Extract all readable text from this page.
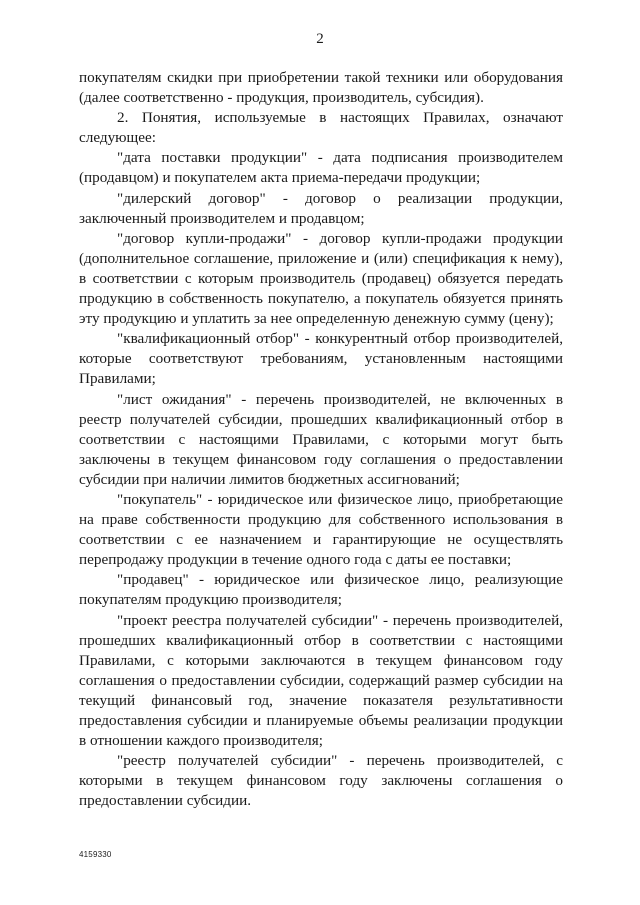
2

покупателям скидки при приобретении такой техники или оборудования (далее соответственно - продукция, производитель, субсидия).

2. Понятия, используемые в настоящих Правилах, означают следующее:

"дата поставки продукции" - дата подписания производителем (продавцом) и покупателем акта приема-передачи продукции;

"дилерский договор" - договор о реализации продукции, заключенный производителем и продавцом;

"договор купли-продажи" - договор купли-продажи продукции (дополнительное соглашение, приложение и (или) спецификация к нему), в соответствии с которым производитель (продавец) обязуется передать продукцию в собственность покупателю, а покупатель обязуется принять эту продукцию и уплатить за нее определенную денежную сумму (цену);

"квалификационный отбор" - конкурентный отбор производителей, которые соответствуют требованиям, установленным настоящими Правилами;

"лист ожидания" - перечень производителей, не включенных в реестр получателей субсидии, прошедших квалификационный отбор в соответствии с настоящими Правилами, с которыми могут быть заключены в текущем финансовом году соглашения о предоставлении субсидии при наличии лимитов бюджетных ассигнований;

"покупатель" - юридическое или физическое лицо, приобретающие на праве собственности продукцию для собственного использования в соответствии с ее назначением и гарантирующие не осуществлять перепродажу продукции в течение одного года с даты ее поставки;

"продавец" - юридическое или физическое лицо, реализующие покупателям продукцию производителя;

"проект реестра получателей субсидии" - перечень производителей, прошедших квалификационный отбор в соответствии с настоящими Правилами, с которыми заключаются в текущем финансовом году соглашения о предоставлении субсидии, содержащий размер субсидии на текущий финансовый год, значение показателя результативности предоставления субсидии и планируемые объемы реализации продукции в отношении каждого производителя;

"реестр получателей субсидии" - перечень производителей, с которыми в текущем финансовом году заключены соглашения о предоставлении субсидии.

4159330
